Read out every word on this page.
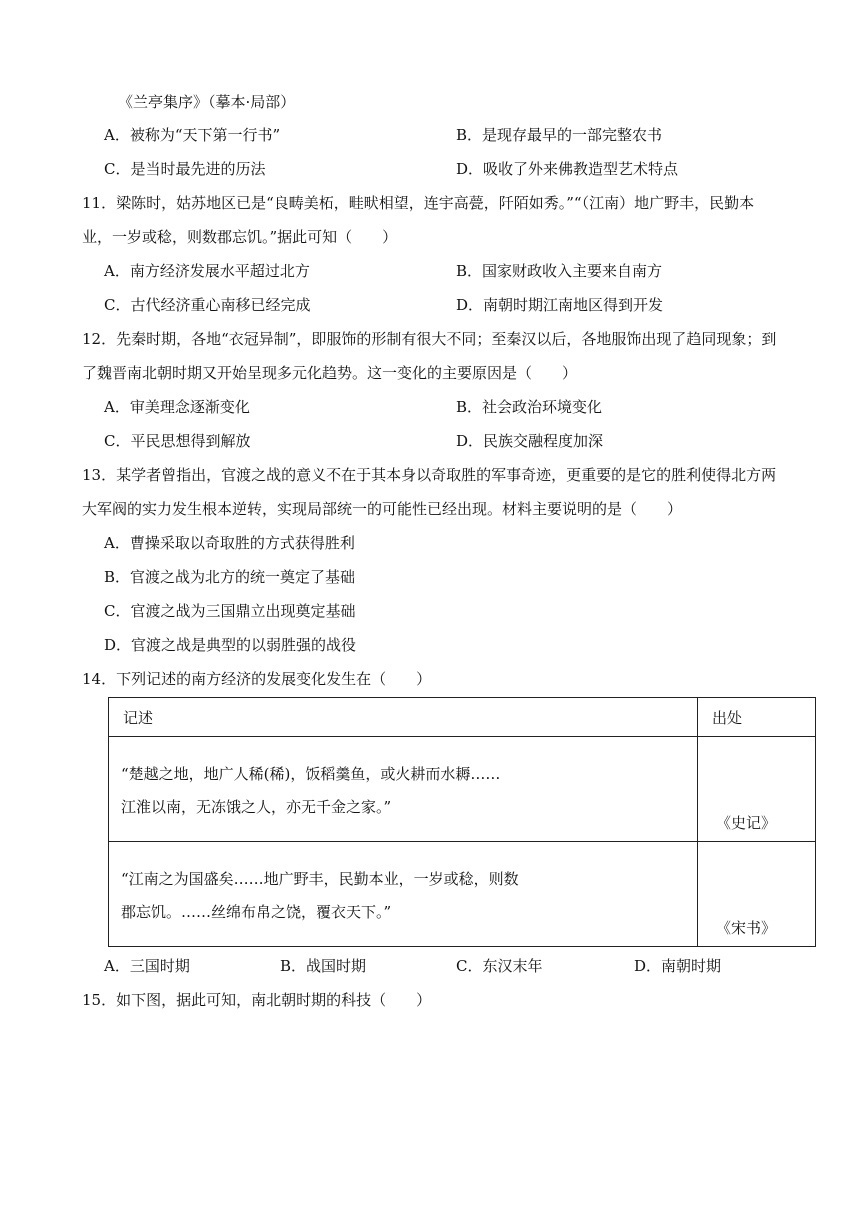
《兰亭集序》（摹本·局部）
A．被称为“天下第一行书”	B．是现存最早的一部完整农书
C．是当时最先进的历法	D．吸收了外来佛教造型艺术特点
11．梁陈时，姑苏地区已是“良畴美柘，畦畎相望，连宇高甍，阡陌如秀。”“（江南）地广野丰，民勤本
业，一岁或稔，则数郡忘饥。”据此可知（　　）
A．南方经济发展水平超过北方	B．国家财政收入主要来自南方
C．古代经济重心南移已经完成	D．南朝时期江南地区得到开发
12．先秦时期，各地“衣冠异制”，即服饰的形制有很大不同；至秦汉以后，各地服饰出现了趋同现象；到
了魏晋南北朝时期又开始呈现多元化趋势。这一变化的主要原因是（　　）
A．审美理念逐渐变化	B．社会政治环境变化
C．平民思想得到解放	D．民族交融程度加深
13．某学者曾指出，官渡之战的意义不在于其本身以奇取胜的军事奇迹，更重要的是它的胜利使得北方两
大军阀的实力发生根本逆转，实现局部统一的可能性已经出现。材料主要说明的是（　　）
A．曹操采取以奇取胜的方式获得胜利
B．官渡之战为北方的统一奠定了基础
C．官渡之战为三国鼎立出现奠定基础
D．官渡之战是典型的以弱胜强的战役
14．下列记述的南方经济的发展变化发生在（　　）
记述	出处

“楚越之地，地广人稀(稀)，饭稻羹鱼，或火耕而水耨……
江淮以南，无冻饿之人，亦无千金之家。”	《史记》

“江南之为国盛矣……地广野丰，民勤本业，一岁或稔，则数
郡忘饥。……丝绵布帛之饶，覆衣天下。”	《宋书》
A．三国时期	B．战国时期	C．东汉末年	D．南朝时期
15．如下图，据此可知，南北朝时期的科技（　　）
